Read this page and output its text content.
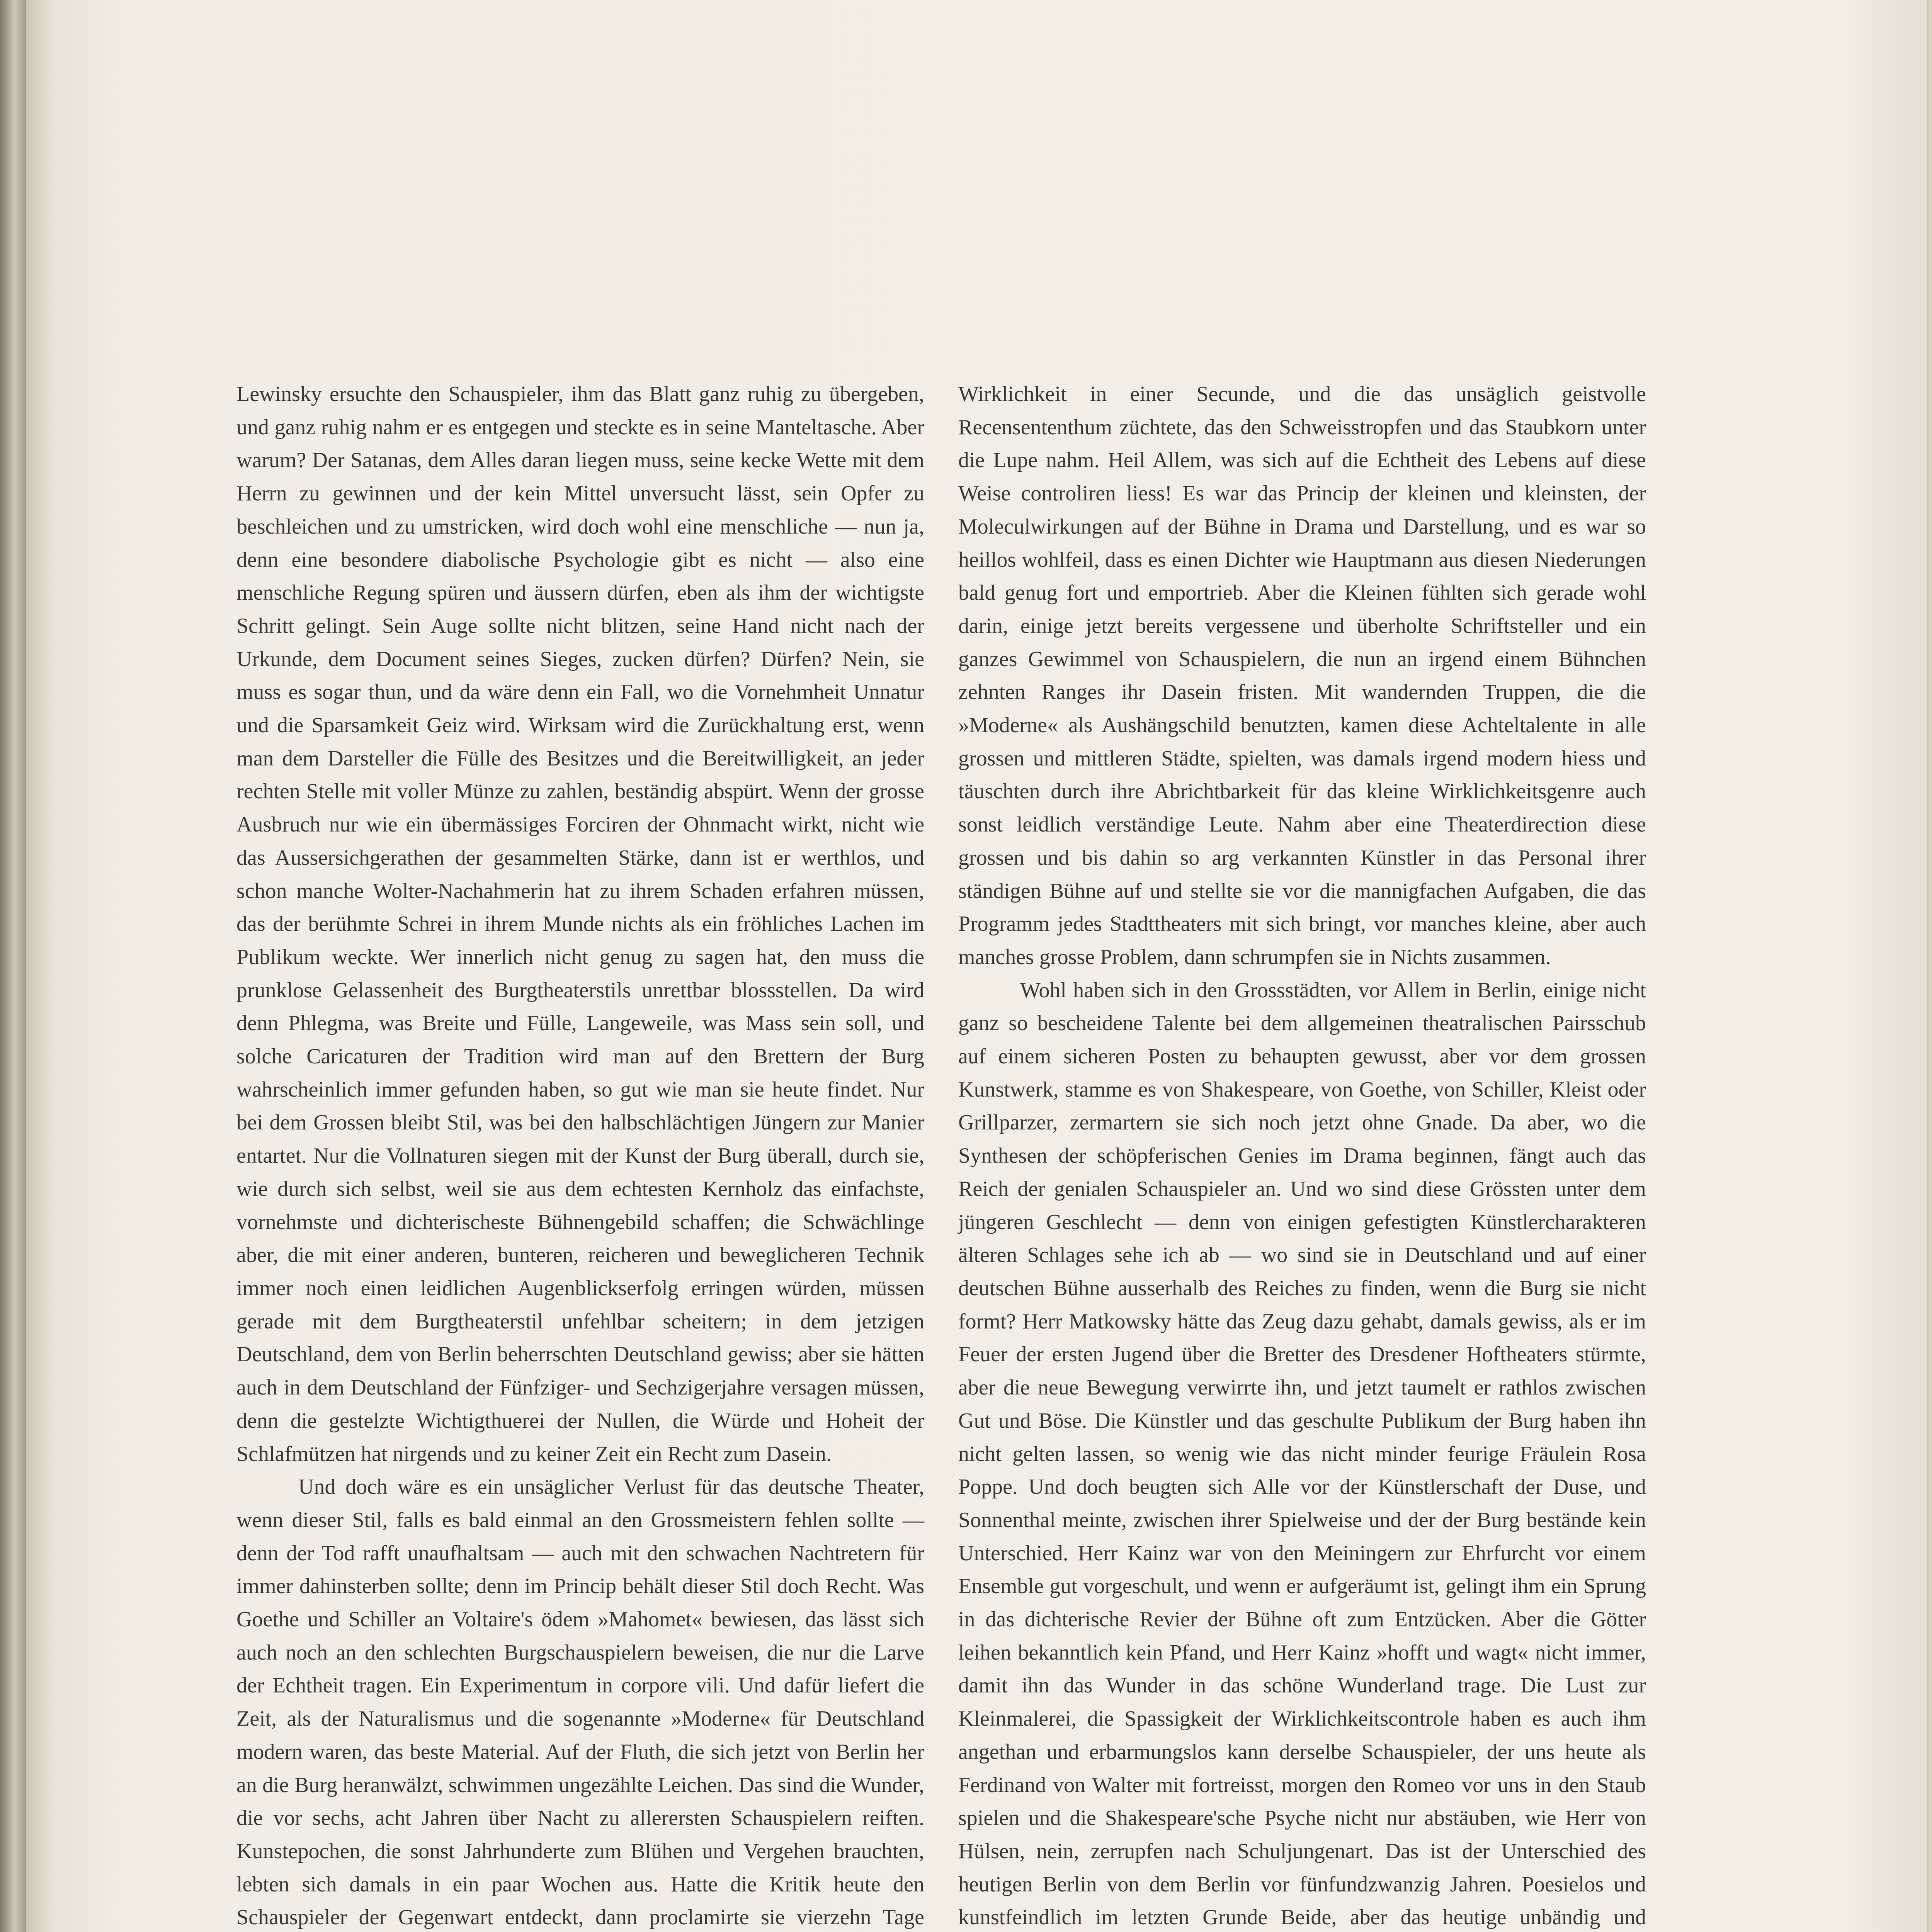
Lewinsky ersuchte den Schauspieler, ihm das Blatt ganz ruhig zu übergeben, und ganz ruhig nahm er es entgegen und steckte es in seine Manteltasche. Aber warum? Der Satanas, dem Alles daran liegen muss, seine kecke Wette mit dem Herrn zu gewinnen und der kein Mittel unversucht lässt, sein Opfer zu beschleichen und zu umstricken, wird doch wohl eine menschliche — nun ja, denn eine besondere diabolische Psychologie gibt es nicht — also eine menschliche Regung spüren und äussern dürfen, eben als ihm der wichtigste Schritt gelingt. Sein Auge sollte nicht blitzen, seine Hand nicht nach der Urkunde, dem Document seines Sieges, zucken dürfen? Dürfen? Nein, sie muss es sogar thun, und da wäre denn ein Fall, wo die Vornehmheit Unnatur und die Sparsamkeit Geiz wird. Wirksam wird die Zurückhaltung erst, wenn man dem Darsteller die Fülle des Besitzes und die Bereitwilligkeit, an jeder rechten Stelle mit voller Münze zu zahlen, beständig abspürt. Wenn der grosse Ausbruch nur wie ein übermässiges Forciren der Ohnmacht wirkt, nicht wie das Aussersichgerathen der gesammelten Stärke, dann ist er werthlos, und schon manche Wolter-Nachahmerin hat zu ihrem Schaden erfahren müssen, das der berühmte Schrei in ihrem Munde nichts als ein fröhliches Lachen im Publikum weckte. Wer innerlich nicht genug zu sagen hat, den muss die prunklose Gelassenheit des Burgtheaterstils unrettbar blossstellen. Da wird denn Phlegma, was Breite und Fülle, Langeweile, was Mass sein soll, und solche Caricaturen der Tradition wird man auf den Brettern der Burg wahrscheinlich immer gefunden haben, so gut wie man sie heute findet. Nur bei dem Grossen bleibt Stil, was bei den halbschlächtigen Jüngern zur Manier entartet. Nur die Vollnaturen siegen mit der Kunst der Burg überall, durch sie, wie durch sich selbst, weil sie aus dem echtesten Kernholz das einfachste, vornehmste und dichterischeste Bühnengebild schaffen; die Schwächlinge aber, die mit einer anderen, bunteren, reicheren und beweglicheren Technik immer noch einen leidlichen Augenblickserfolg erringen würden, müssen gerade mit dem Burgtheaterstil unfehlbar scheitern; in dem jetzigen Deutschland, dem von Berlin beherrschten Deutschland gewiss; aber sie hätten auch in dem Deutschland der Fünfziger- und Sechzigerjahre versagen müssen, denn die gestelzte Wichtigthuerei der Nullen, die Würde und Hoheit der Schlafmützen hat nirgends und zu keiner Zeit ein Recht zum Dasein.

Und doch wäre es ein unsäglicher Verlust für das deutsche Theater, wenn dieser Stil, falls es bald einmal an den Grossmeistern fehlen sollte — denn der Tod rafft unaufhaltsam — auch mit den schwachen Nachtretern für immer dahinsterben sollte; denn im Princip behält dieser Stil doch Recht. Was Goethe und Schiller an Voltaire's ödem »Mahomet« bewiesen, das lässt sich auch noch an den schlechten Burgschauspielern beweisen, die nur die Larve der Echtheit tragen. Ein Experimentum in corpore vili. Und dafür liefert die Zeit, als der Naturalismus und die sogenannte »Moderne« für Deutschland modern waren, das beste Material. Auf der Fluth, die sich jetzt von Berlin her an die Burg heranwälzt, schwimmen ungezählte Leichen. Das sind die Wunder, die vor sechs, acht Jahren über Nacht zu allerersten Schauspielern reiften. Kunstepochen, die sonst Jahrhunderte zum Blühen und Vergehen brauchten, lebten sich damals in ein paar Wochen aus. Hatte die Kritik heute den Schauspieler der Gegenwart entdeckt, dann proclamirte sie vierzehn Tage

Wirklichkeit in einer Secunde, und die das unsäglich geistvolle Recensententhum züchtete, das den Schweisstropfen und das Staubkorn unter die Lupe nahm. Heil Allem, was sich auf die Echtheit des Lebens auf diese Weise controliren liess! Es war das Princip der kleinen und kleinsten, der Moleculwirkungen auf der Bühne in Drama und Darstellung, und es war so heillos wohlfeil, dass es einen Dichter wie Hauptmann aus diesen Niederungen bald genug fort und emportrieb. Aber die Kleinen fühlten sich gerade wohl darin, einige jetzt bereits vergessene und überholte Schriftsteller und ein ganzes Gewimmel von Schauspielern, die nun an irgend einem Bühnchen zehnten Ranges ihr Dasein fristen. Mit wandernden Truppen, die die »Moderne« als Aushängschild benutzten, kamen diese Achteltalente in alle grossen und mittleren Städte, spielten, was damals irgend modern hiess und täuschten durch ihre Abrichtbarkeit für das kleine Wirklichkeitsgenre auch sonst leidlich verständige Leute. Nahm aber eine Theaterdirection diese grossen und bis dahin so arg verkannten Künstler in das Personal ihrer ständigen Bühne auf und stellte sie vor die mannigfachen Aufgaben, die das Programm jedes Stadttheaters mit sich bringt, vor manches kleine, aber auch manches grosse Problem, dann schrumpfen sie in Nichts zusammen.

Wohl haben sich in den Grossstädten, vor Allem in Berlin, einige nicht ganz so bescheidene Talente bei dem allgemeinen theatralischen Pairsschub auf einem sicheren Posten zu behaupten gewusst, aber vor dem grossen Kunstwerk, stamme es von Shakespeare, von Goethe, von Schiller, Kleist oder Grillparzer, zermartern sie sich noch jetzt ohne Gnade. Da aber, wo die Synthesen der schöpferischen Genies im Drama beginnen, fängt auch das Reich der genialen Schauspieler an. Und wo sind diese Grössten unter dem jüngeren Geschlecht — denn von einigen gefestigten Künstlercharakteren älteren Schlages sehe ich ab — wo sind sie in Deutschland und auf einer deutschen Bühne ausserhalb des Reiches zu finden, wenn die Burg sie nicht formt? Herr Matkowsky hätte das Zeug dazu gehabt, damals gewiss, als er im Feuer der ersten Jugend über die Bretter des Dresdener Hoftheaters stürmte, aber die neue Bewegung verwirrte ihn, und jetzt taumelt er rathlos zwischen Gut und Böse. Die Künstler und das geschulte Publikum der Burg haben ihn nicht gelten lassen, so wenig wie das nicht minder feurige Fräulein Rosa Poppe. Und doch beugten sich Alle vor der Künstlerschaft der Duse, und Sonnenthal meinte, zwischen ihrer Spielweise und der der Burg bestände kein Unterschied. Herr Kainz war von den Meiningern zur Ehrfurcht vor einem Ensemble gut vorgeschult, und wenn er aufgeräumt ist, gelingt ihm ein Sprung in das dichterische Revier der Bühne oft zum Entzücken. Aber die Götter leihen bekanntlich kein Pfand, und Herr Kainz »hofft und wagt« nicht immer, damit ihn das Wunder in das schöne Wunderland trage. Die Lust zur Kleinmalerei, die Spassigkeit der Wirklichkeitscontrole haben es auch ihm angethan und erbarmungslos kann derselbe Schauspieler, der uns heute als Ferdinand von Walter mit fortreisst, morgen den Romeo vor uns in den Staub spielen und die Shakespeare'sche Psyche nicht nur abstäuben, wie Herr von Hülsen, nein, zerrupfen nach Schuljungenart. Das ist der Unterschied des heutigen Berlin von dem Berlin vor fünfundzwanzig Jahren. Poesielos und kunstfeindlich im letzten Grunde Beide, aber das heutige unbändig und
